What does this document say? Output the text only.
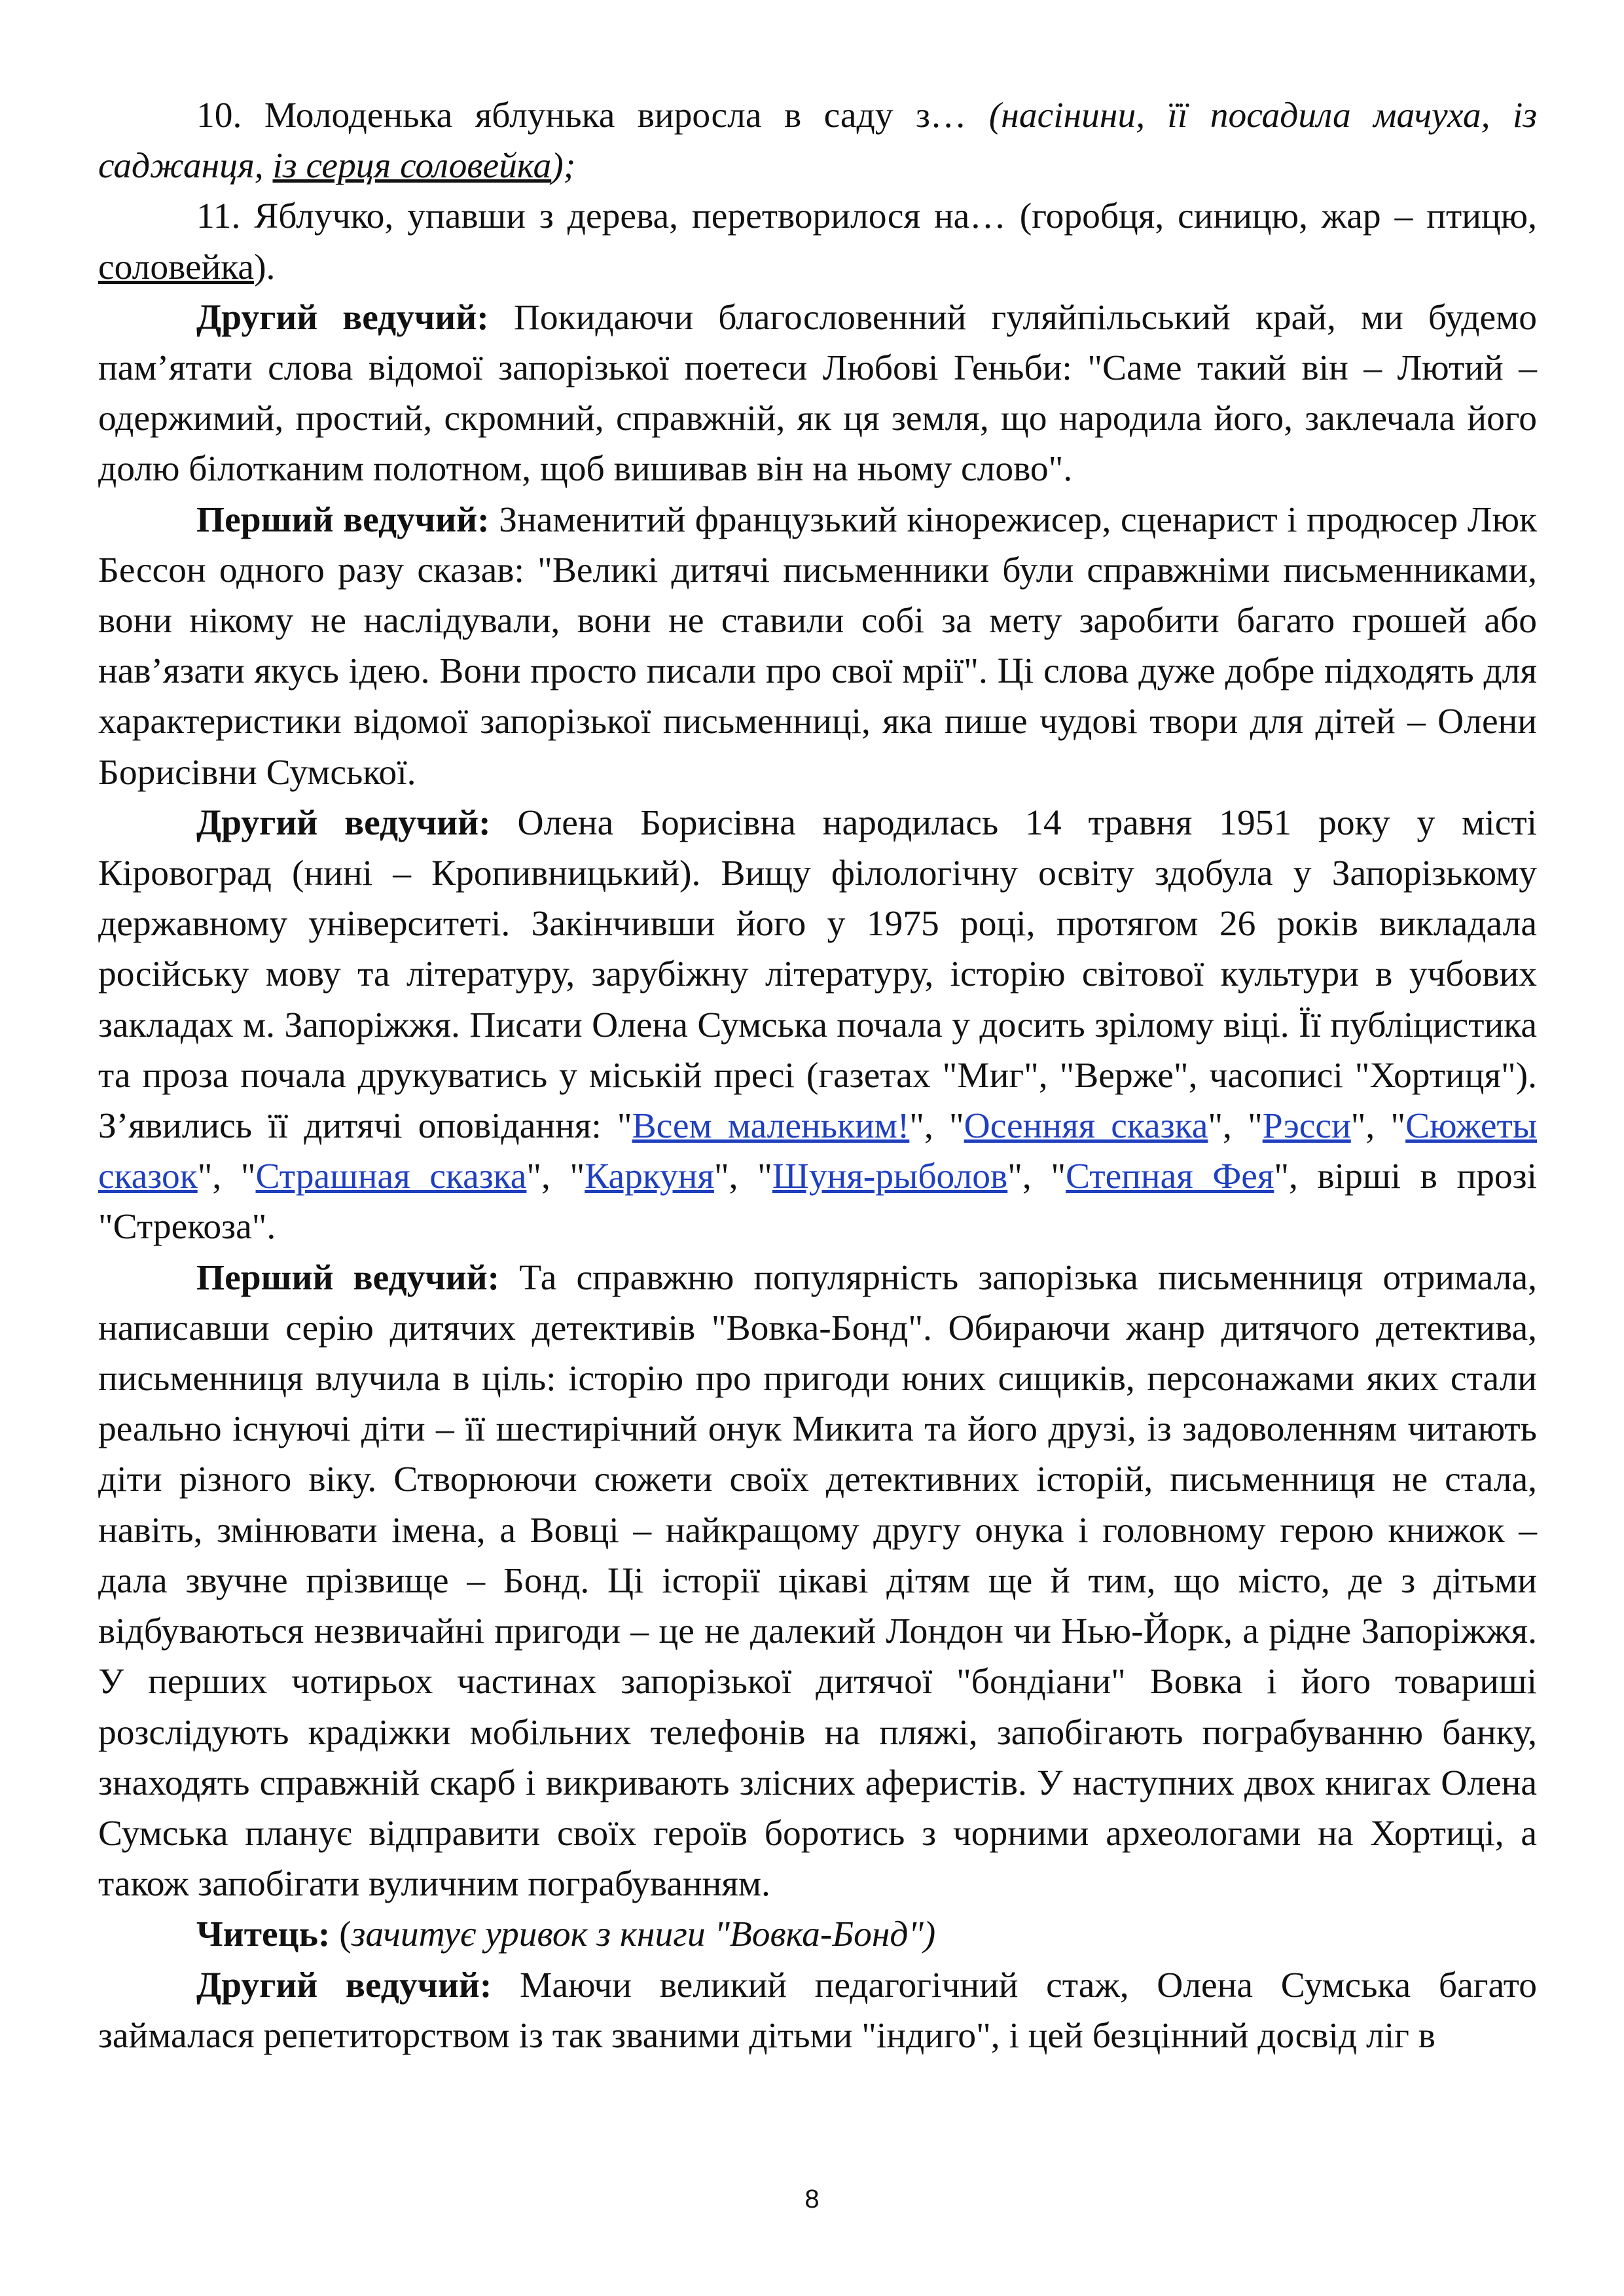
10. Молоденька яблунька виросла в саду з… (насінини, її посадила мачуха, із саджанця, із серця соловейка);

11. Яблучко, упавши з дерева, перетворилося на… (горобця, синицю, жар – птицю, соловейка).

Другий ведучий: Покидаючи благословенний гуляйпільський край, ми будемо пам’ятати слова відомої запорізької поетеси Любові Геньби: "Саме такий він – Лютий – одержимий, простий, скромний, справжній, як ця земля, що народила його, заклечала його долю білотканим полотном, щоб вишивав він на ньому слово".

Перший ведучий: Знаменитий французький кінорежисер, сценарист і продюсер Люк Бессон одного разу сказав: "Великі дитячі письменники були справжніми письменниками, вони нікому не наслідували, вони не ставили собі за мету заробити багато грошей або нав’язати якусь ідею. Вони просто писали про свої мрії". Ці слова дуже добре підходять для характеристики відомої запорізької письменниці, яка пише чудові твори для дітей – Олени Борисівни Сумської.

Другий ведучий: Олена Борисівна народилась 14 травня 1951 року у місті Кіровоград (нині – Кропивницький). Вищу філологічну освіту здобула у Запорізькому державному університеті. Закінчивши його у 1975 році, протягом 26 років викладала російську мову та літературу, зарубіжну літературу, історію світової культури в учбових закладах м. Запоріжжя. Писати Олена Сумська почала у досить зрілому віці. Її публіцистика та проза почала друкуватись у міській пресі (газетах "Миг", "Верже", часописі "Хортиця"). З’явились її дитячі оповідання: "Всем маленьким!", "Осенняя сказка", "Рэсси", "Сюжеты сказок", "Страшная сказка", "Каркуня", "Шуня-рыболов", "Степная Фея", вірші в прозі "Стрекоза".

Перший ведучий: Та справжню популярність запорізька письменниця отримала, написавши серію дитячих детективів "Вовка-Бонд". Обираючи жанр дитячого детектива, письменниця влучила в ціль: історію про пригоди юних сищиків, персонажами яких стали реально існуючі діти – її шестирічний онук Микита та його друзі, із задоволенням читають діти різного віку. Створюючи сюжети своїх детективних історій, письменниця не стала, навіть, змінювати імена, а Вовці – найкращому другу онука і головному герою книжок – дала звучне прізвище – Бонд. Ці історії цікаві дітям ще й тим, що місто, де з дітьми відбуваються незвичайні пригоди – це не далекий Лондон чи Нью-Йорк, а рідне Запоріжжя. У перших чотирьох частинах запорізької дитячої "бондіани" Вовка і його товариші розслідують крадіжки мобільних телефонів на пляжі, запобігають пограбуванню банку, знаходять справжній скарб і викривають злісних аферистів. У наступних двох книгах Олена Сумська планує відправити своїх героїв боротись з чорними археологами на Хортиці, а також запобігати вуличним пограбуванням.

Читець: (зачитує уривок з книги "Вовка-Бонд")

Другий ведучий: Маючи великий педагогічний стаж, Олена Сумська багато займалася репетиторством із так званими дітьми "індиго", і цей безцінний досвід ліг в

8
